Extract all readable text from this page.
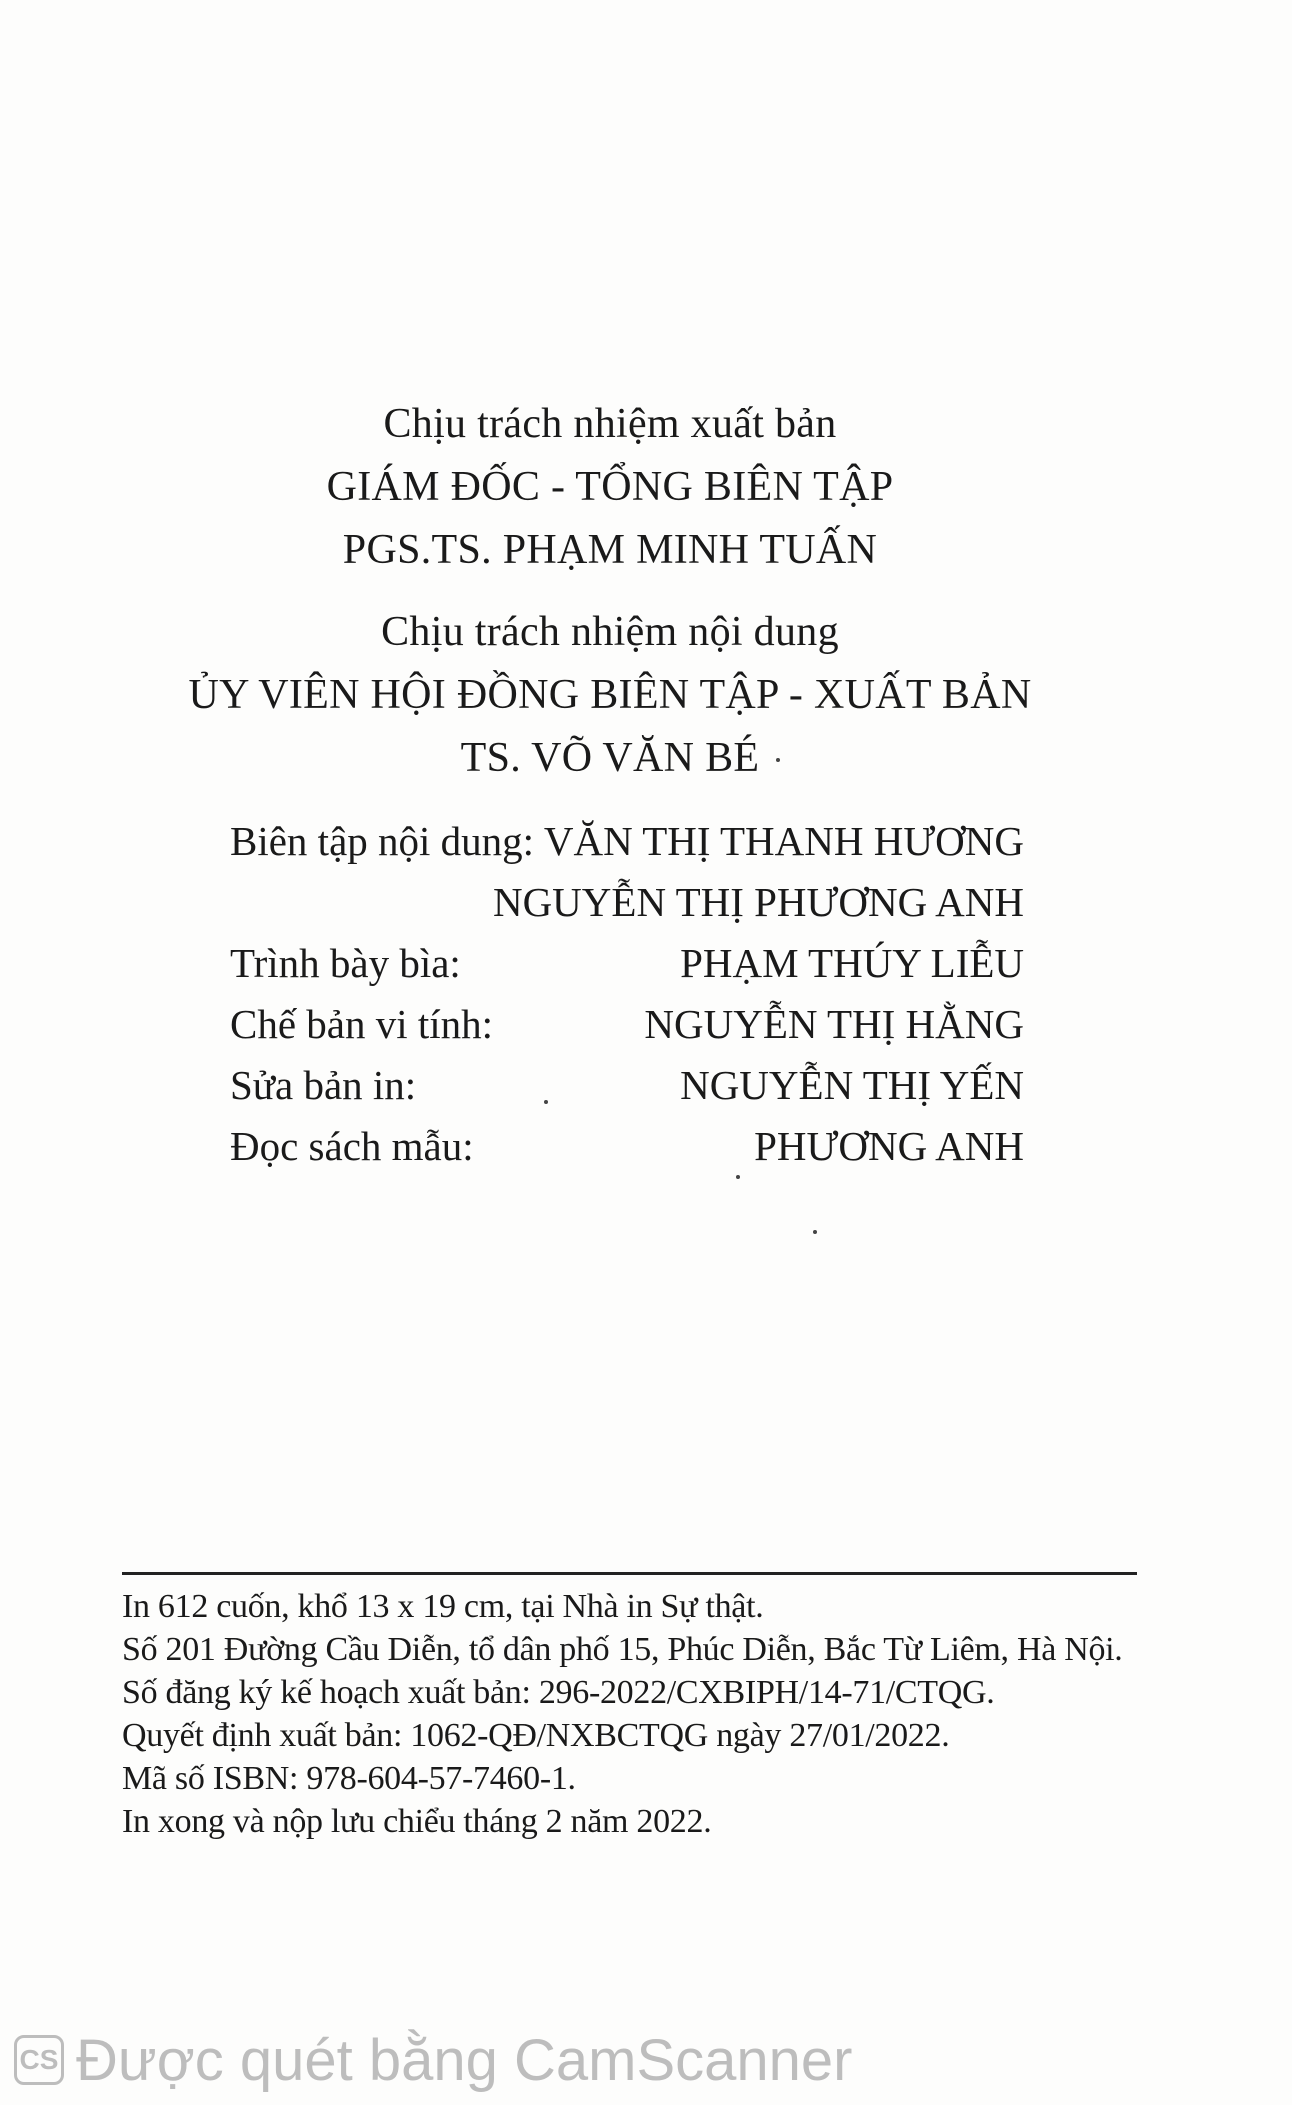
Chịu trách nhiệm xuất bản
GIÁM ĐỐC - TỔNG BIÊN TẬP
PGS.TS. PHẠM MINH TUẤN
Chịu trách nhiệm nội dung
ỦY VIÊN HỘI ĐỒNG BIÊN TẬP - XUẤT BẢN
TS. VÕ VĂN BÉ
Biên tập nội dung: VĂN THỊ THANH HƯƠNG
NGUYỄN THỊ PHƯƠNG ANH
Trình bày bìa:	PHẠM THÚY LIỄU
Chế bản vi tính:	NGUYỄN THỊ HẰNG
Sửa bản in:	NGUYỄN THỊ YẾN
Đọc sách mẫu:	PHƯƠNG ANH
In 612 cuốn, khổ 13 x 19 cm, tại Nhà in Sự thật.
Số 201 Đường Cầu Diễn, tổ dân phố 15, Phúc Diễn, Bắc Từ Liêm, Hà Nội.
Số đăng ký kế hoạch xuất bản: 296-2022/CXBIPH/14-71/CTQG.
Quyết định xuất bản: 1062-QĐ/NXBCTQG ngày 27/01/2022.
Mã số ISBN: 978-604-57-7460-1.
In xong và nộp lưu chiểu tháng 2 năm 2022.
CS Được quét bằng CamScanner
